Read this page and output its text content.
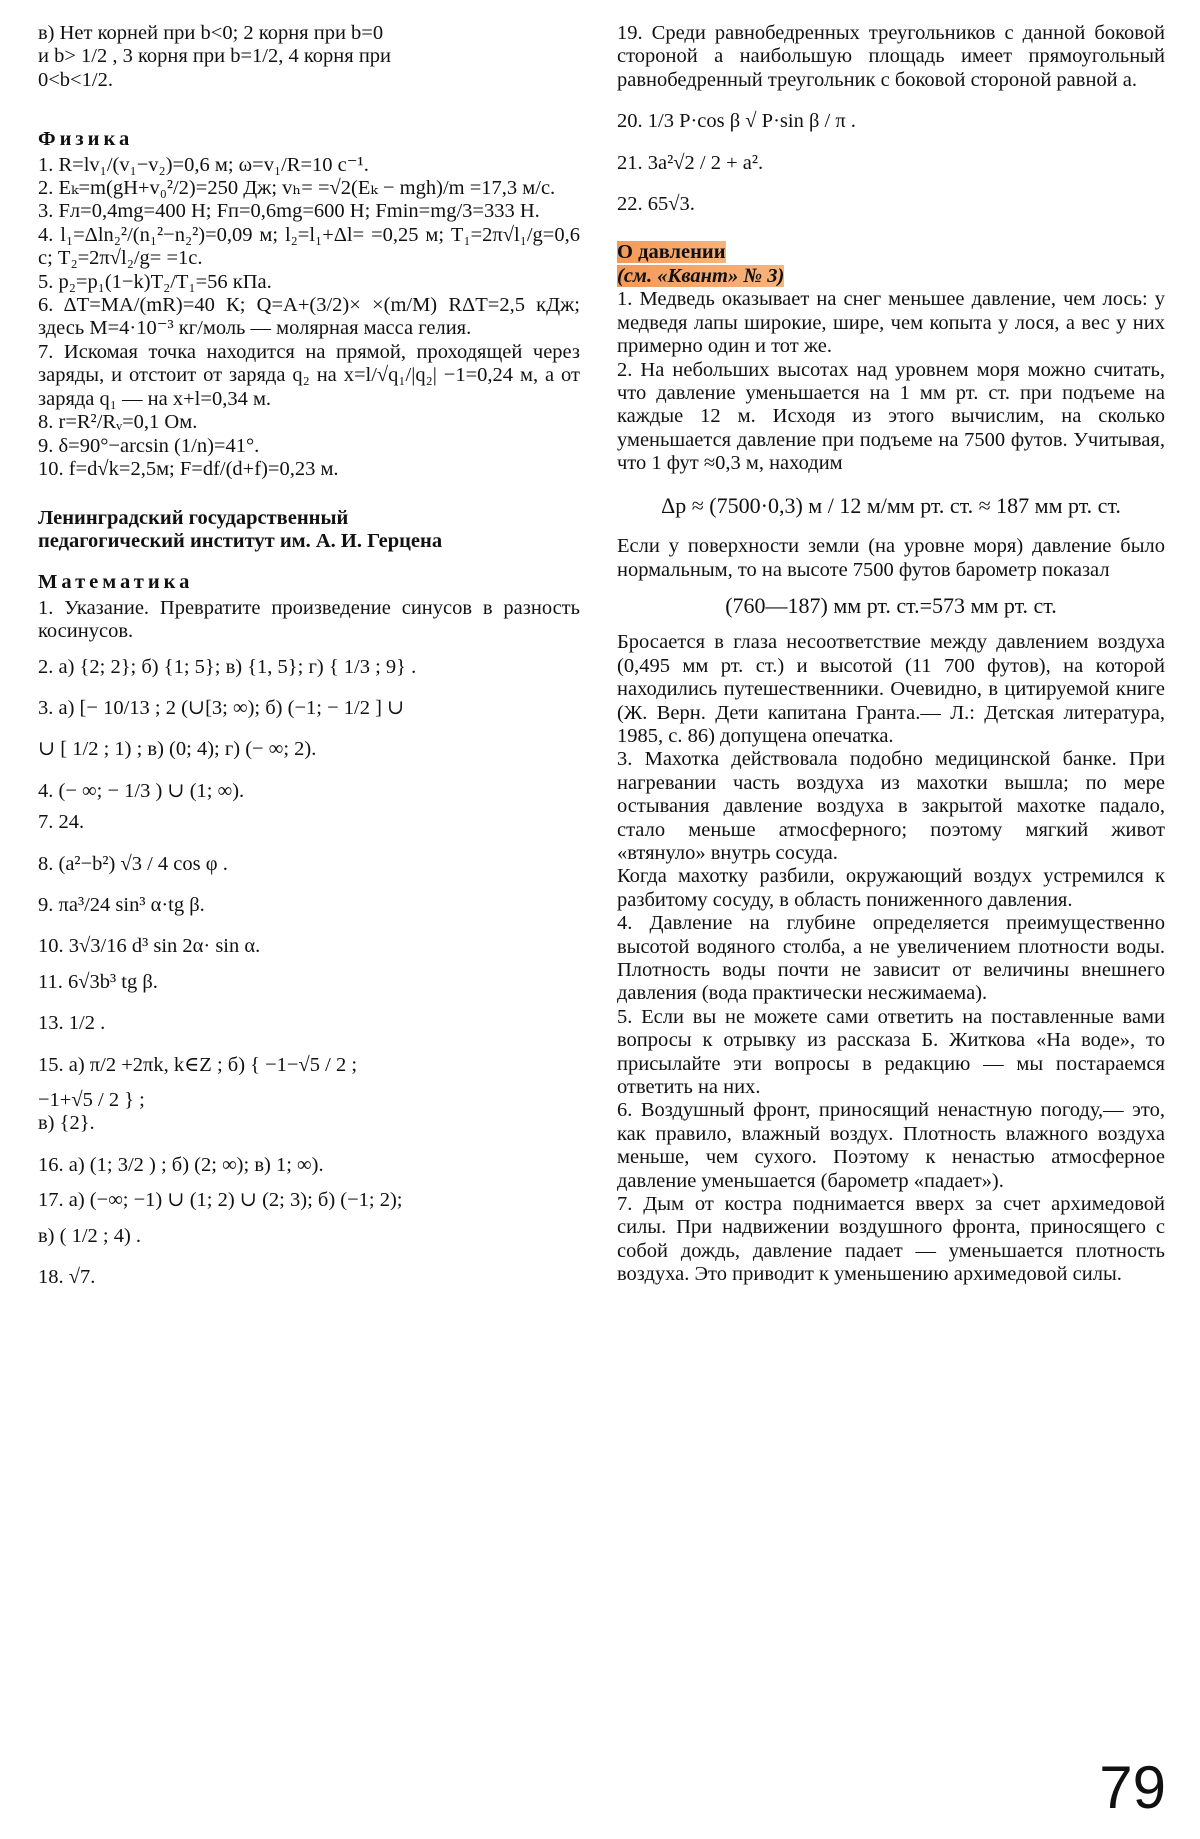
в) Нет корней при b<0; 2 корня при b=0

и b> 1/2 , 3 корня при b=1/2, 4 корня при

0<b<1/2.

Физика

1. R=lv₁/(v₁−v₂)=0,6 м; ω=v₁/R=10 с⁻¹.

2. Eₖ=m(gH+v₀²/2)=250 Дж; vₕ= =√2(Eₖ − mgh)/m =17,3 м/с.

3. Fл=0,4mg=400 Н; Fп=0,6mg=600 Н; Fmin=mg/3=333 Н.

4. l₁=Δln₂²/(n₁²−n₂²)=0,09 м; l₂=l₁+Δl= =0,25 м; T₁=2π√l₁/g=0,6 с; T₂=2π√l₂/g= =1с.

5. p₂=p₁(1−k)T₂/T₁=56 кПа.

6. ΔT=MA/(mR)=40 К; Q=A+(3/2)× ×(m/M) RΔT=2,5 кДж; здесь M=4·10⁻³ кг/моль — молярная масса гелия.

7. Искомая точка находится на прямой, проходящей через заряды, и отстоит от заряда q₂ на x=l/√q₁/|q₂| −1=0,24 м, а от заряда q₁ — на x+l=0,34 м.

8. r=R²/Rᵥ=0,1 Ом.

9. δ=90°−arcsin (1/n)=41°.

10. f=d√k=2,5м; F=df/(d+f)=0,23 м.

Ленинградский государственный
педагогический институт им. А. И. Герцена

Математика

1. Указание. Превратите произведение синусов в разность косинусов.

2. а) {2; 2}; б) {1; 5}; в) {1, 5}; г) { 1/3 ; 9} .

3. а) [− 10/13 ; 2 (∪[3; ∞); б) (−1; − 1/2 ] ∪

∪ [ 1/2 ; 1) ; в) (0; 4); г) (− ∞; 2).

4. (− ∞; − 1/3 ) ∪ (1; ∞).

7. 24.

8. (a²−b²) √3 / 4 cos φ .

9. πa³/24 sin³ α·tg β.

10. 3√3/16 d³ sin 2α· sin α.

11. 6√3b³ tg β.

13. 1/2 .

15. а) π/2 +2πk, k∈Z ; б) { −1−√5 / 2 ;

−1+√5 / 2 } ;

в) {2}.

16. а) (1; 3/2 ) ; б) (2; ∞); в) 1; ∞).

17. а) (−∞; −1) ∪ (1; 2) ∪ (2; 3); б) (−1; 2);

в) ( 1/2 ; 4) .

18. √7.

19. Среди равнобедренных треугольников с данной боковой стороной a наибольшую площадь имеет прямоугольный равнобедренный треугольник с боковой стороной равной a.

20. 1/3 P·cos β √ P·sin β / π .

21. 3a²√2 / 2 + a².

22. 65√3.

О давлении
(см. «Квант» № 3)

1. Медведь оказывает на снег меньшее давление, чем лось: у медведя лапы широкие, шире, чем копыта у лося, а вес у них примерно один и тот же.

2. На небольших высотах над уровнем моря можно считать, что давление уменьшается на 1 мм рт. ст. при подъеме на каждые 12 м. Исходя из этого вычислим, на сколько уменьшается давление при подъеме на 7500 футов. Учитывая, что 1 фут ≈0,3 м, находим

Δp ≈ (7500·0,3) м / 12 м/мм рт. ст. ≈ 187 мм рт. ст.

Если у поверхности земли (на уровне моря) давление было нормальным, то на высоте 7500 футов барометр показал

(760—187) мм рт. ст.=573 мм рт. ст.

Бросается в глаза несоответствие между давлением воздуха (0,495 мм рт. ст.) и высотой (11 700 футов), на которой находились путешественники. Очевидно, в цитируемой книге (Ж. Верн. Дети капитана Гранта.— Л.: Детская литература, 1985, с. 86) допущена опечатка.

3. Махотка действовала подобно медицинской банке. При нагревании часть воздуха из махотки вышла; по мере остывания давление воздуха в закрытой махотке падало, стало меньше атмосферного; поэтому мягкий живот «втянуло» внутрь сосуда.

Когда махотку разбили, окружающий воздух устремился к разбитому сосуду, в область пониженного давления.

4. Давление на глубине определяется преимущественно высотой водяного столба, а не увеличением плотности воды. Плотность воды почти не зависит от величины внешнего давления (вода практически несжимаема).

5. Если вы не можете сами ответить на поставленные вами вопросы к отрывку из рассказа Б. Житкова «На воде», то присылайте эти вопросы в редакцию — мы постараемся ответить на них.

6. Воздушный фронт, приносящий ненастную погоду,— это, как правило, влажный воздух. Плотность влажного воздуха меньше, чем сухого. Поэтому к ненастью атмосферное давление уменьшается (барометр «падает»).

7. Дым от костра поднимается вверх за счет архимедовой силы. При надвижении воздушного фронта, приносящего с собой дождь, давление падает — уменьшается плотность воздуха. Это приводит к уменьшению архимедовой силы.

79
